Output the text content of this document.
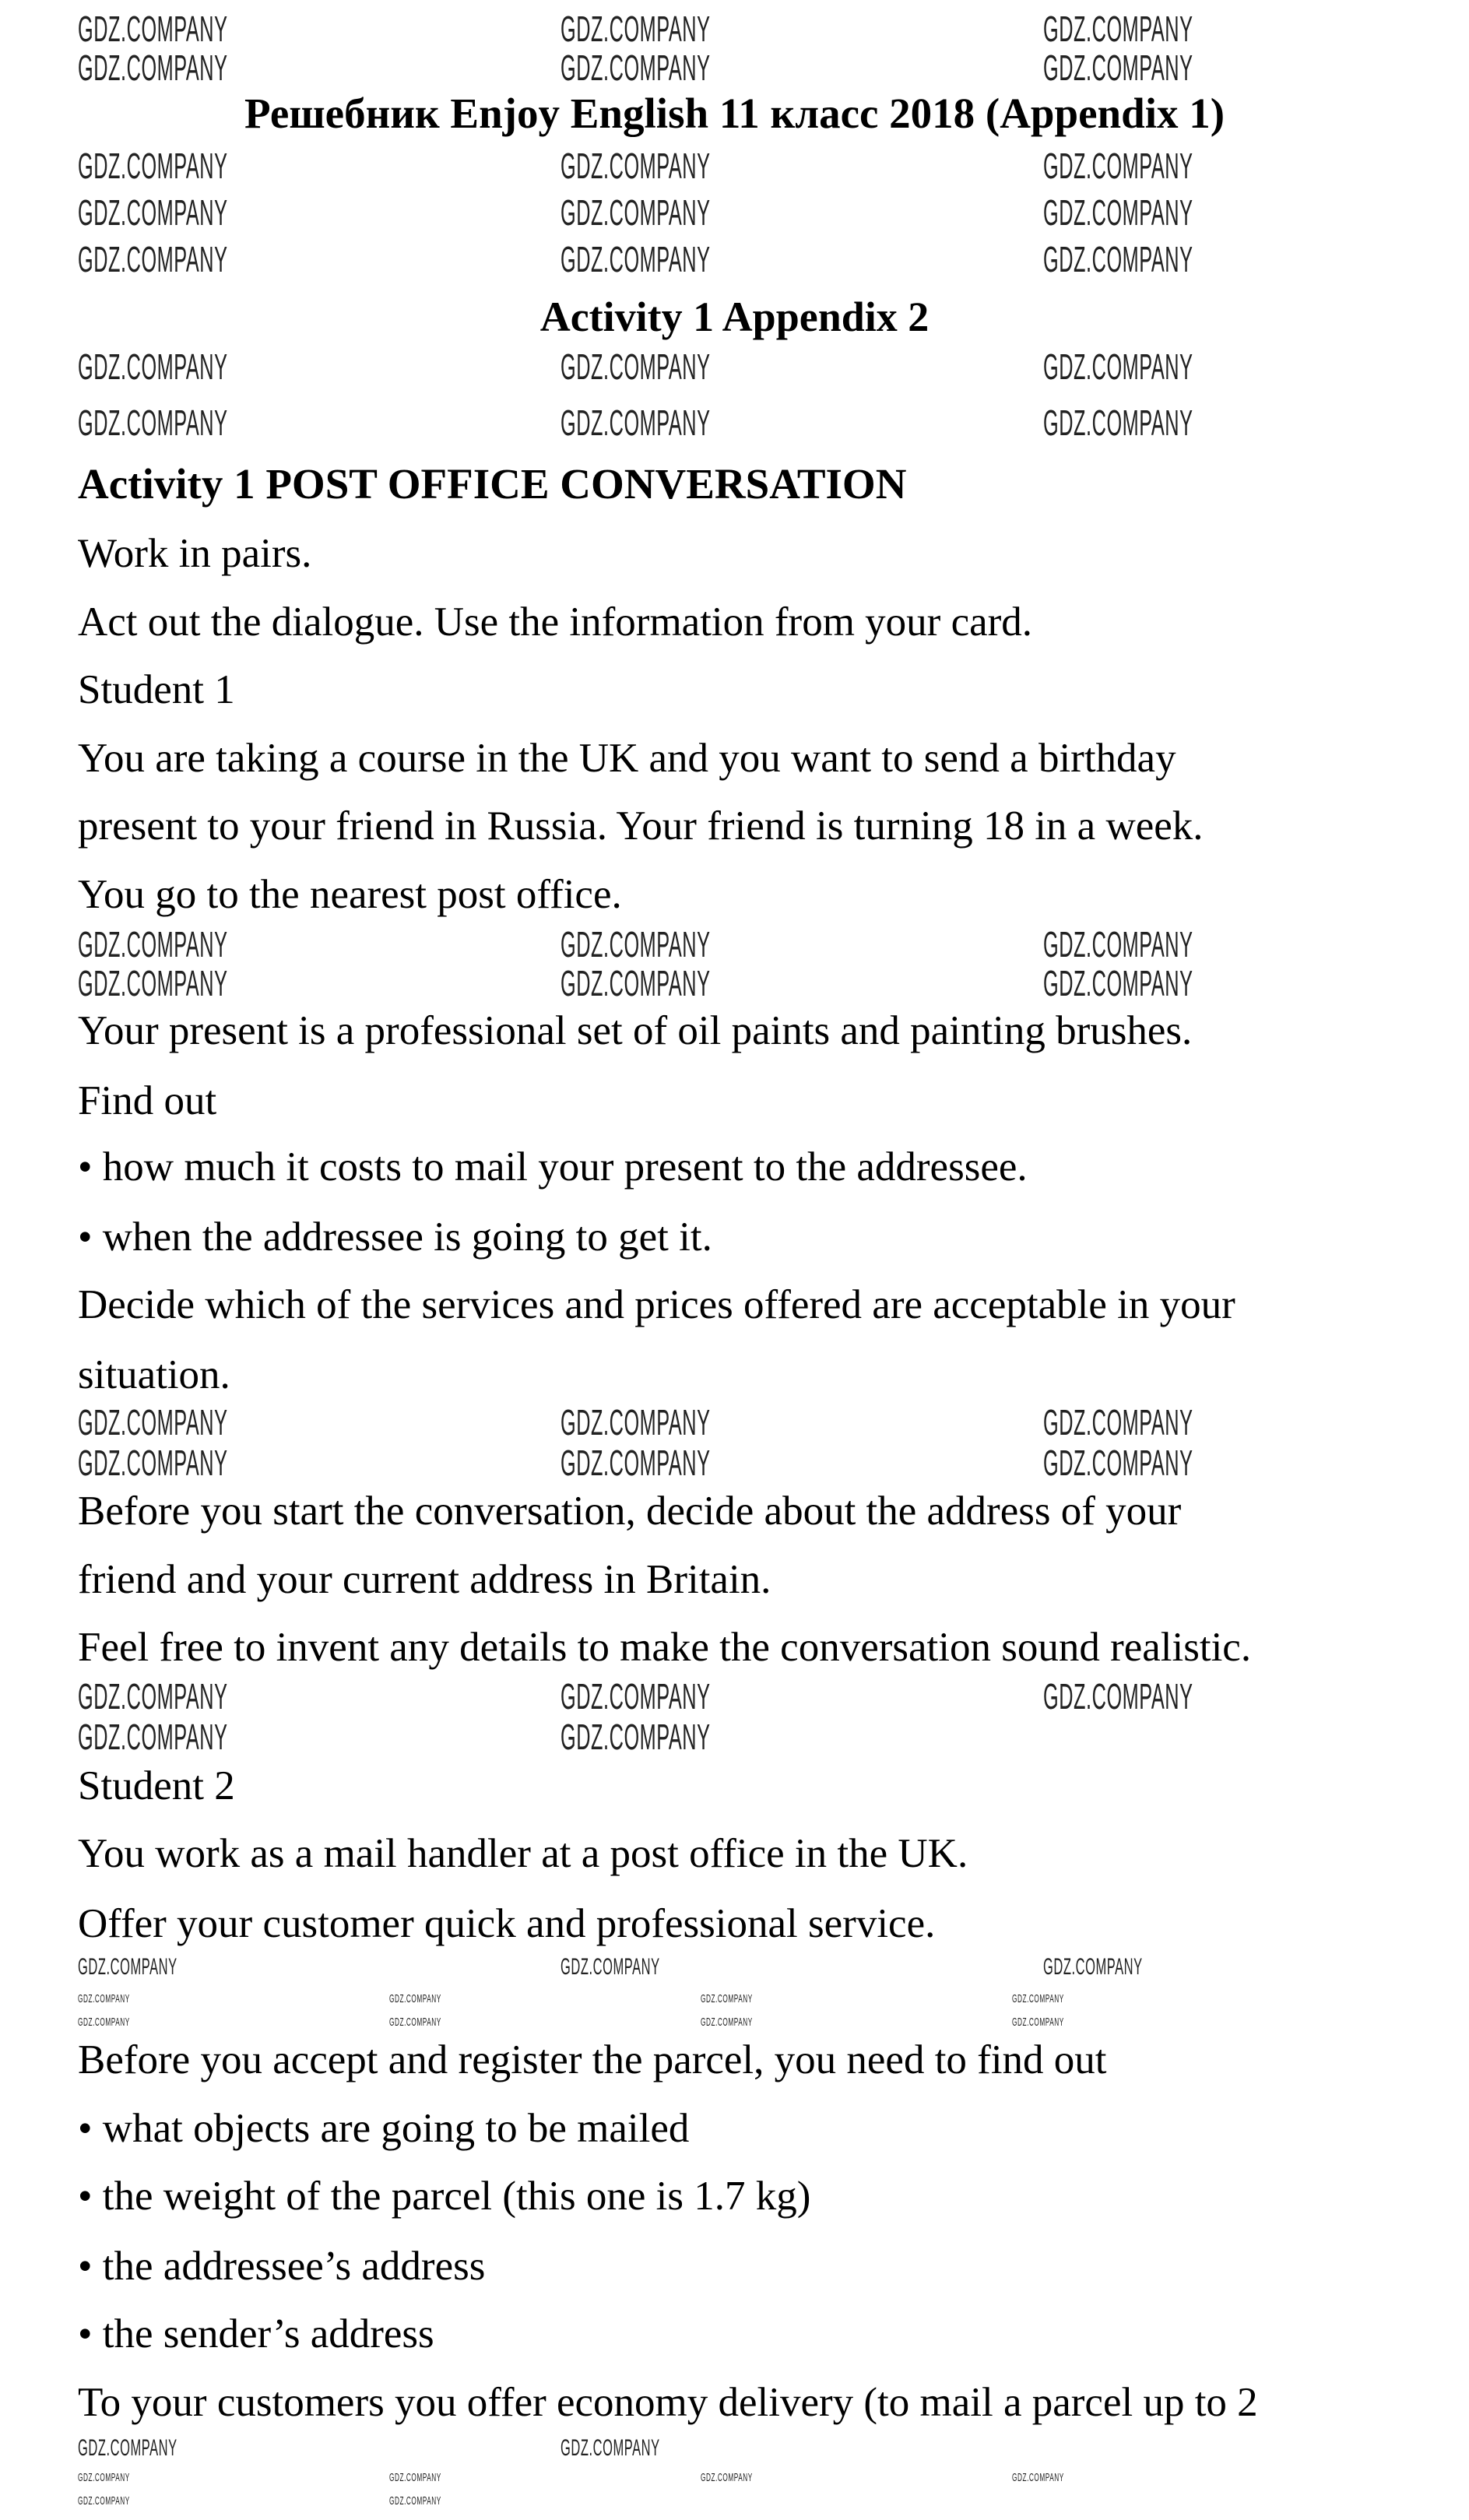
Решебник Enjoy English 11 класс 2018 (Appendix 1)
Activity 1 Appendix 2
Activity 1 POST OFFICE CONVERSATION
Work in pairs.
Act out the dialogue. Use the information from your card.
Student 1
You are taking a course in the UK and you want to send a birthday
present to your friend in Russia. Your friend is turning 18 in a week.
You go to the nearest post office.
Your present is a professional set of oil paints and painting brushes.
Find out
• how much it costs to mail your present to the addressee.
• when the addressee is going to get it.
Decide which of the services and prices offered are acceptable in your
situation.
Before you start the conversation, decide about the address of your
friend and your current address in Britain.
Feel free to invent any details to make the conversation sound realistic.
Student 2
You work as a mail handler at a post office in the UK.
Offer your customer quick and professional service.
Before you accept and register the parcel, you need to find out
• what objects are going to be mailed
• the weight of the parcel (this one is 1.7 kg)
• the addressee’s address
• the sender’s address
To your customers you offer economy delivery (to mail a parcel up to 2
GDZ.COMPANY	GDZ.COMPANY	GDZ.COMPANY
GDZ.COMPANY	GDZ.COMPANY	GDZ.COMPANY
GDZ.COMPANY	GDZ.COMPANY	GDZ.COMPANY
GDZ.COMPANY	GDZ.COMPANY	GDZ.COMPANY
GDZ.COMPANY	GDZ.COMPANY	GDZ.COMPANY
GDZ.COMPANY	GDZ.COMPANY	GDZ.COMPANY
GDZ.COMPANY	GDZ.COMPANY	GDZ.COMPANY
GDZ.COMPANY	GDZ.COMPANY	GDZ.COMPANY
GDZ.COMPANY	GDZ.COMPANY	GDZ.COMPANY
GDZ.COMPANY	GDZ.COMPANY	GDZ.COMPANY
GDZ.COMPANY	GDZ.COMPANY	GDZ.COMPANY
GDZ.COMPANY	GDZ.COMPANY	GDZ.COMPANY
GDZ.COMPANY	GDZ.COMPANY
GDZ.COMPANY	GDZ.COMPANY	GDZ.COMPANY
GDZ.COMPANY	GDZ.COMPANY
GDZ.COMPANY	GDZ.COMPANY	GDZ.COMPANY	GDZ.COMPANY
GDZ.COMPANY	GDZ.COMPANY	GDZ.COMPANY	GDZ.COMPANY
GDZ.COMPANY	GDZ.COMPANY	GDZ.COMPANY	GDZ.COMPANY
GDZ.COMPANY	GDZ.COMPANY
